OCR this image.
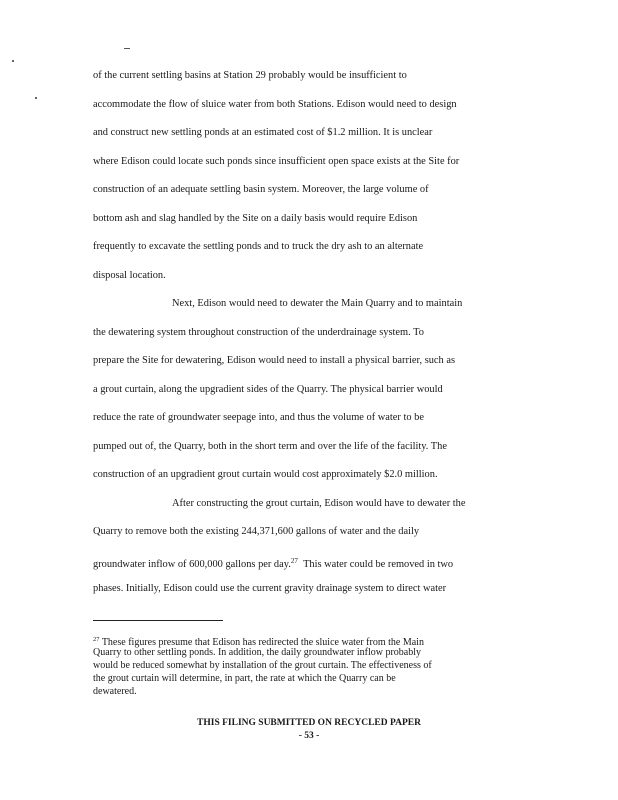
of the current settling basins at Station 29 probably would be insufficient to
accommodate the flow of sluice water from both Stations. Edison would need to design
and construct new settling ponds at an estimated cost of $1.2 million. It is unclear
where Edison could locate such ponds since insufficient open space exists at the Site for
construction of an adequate settling basin system. Moreover, the large volume of
bottom ash and slag handled by the Site on a daily basis would require Edison
frequently to excavate the settling ponds and to truck the dry ash to an alternate
disposal location.
Next, Edison would need to dewater the Main Quarry and to maintain
the dewatering system throughout construction of the underdrainage system. To
prepare the Site for dewatering, Edison would need to install a physical barrier, such as
a grout curtain, along the upgradient sides of the Quarry. The physical barrier would
reduce the rate of groundwater seepage into, and thus the volume of water to be
pumped out of, the Quarry, both in the short term and over the life of the facility. The
construction of an upgradient grout curtain would cost approximately $2.0 million.
After constructing the grout curtain, Edison would have to dewater the
Quarry to remove both the existing 244,371,600 gallons of water and the daily
groundwater inflow of 600,000 gallons per day.$^{27}$ This water could be removed in two
phases. Initially, Edison could use the current gravity drainage system to direct water
$^{27}$ These figures presume that Edison has redirected the sluice water from the Main
Quarry to other settling ponds. In addition, the daily groundwater inflow probably
would be reduced somewhat by installation of the grout curtain. The effectiveness of
the grout curtain will determine, in part, the rate at which the Quarry can be
dewatered.
THIS FILING SUBMITTED ON RECYCLED PAPER
- 53 -
